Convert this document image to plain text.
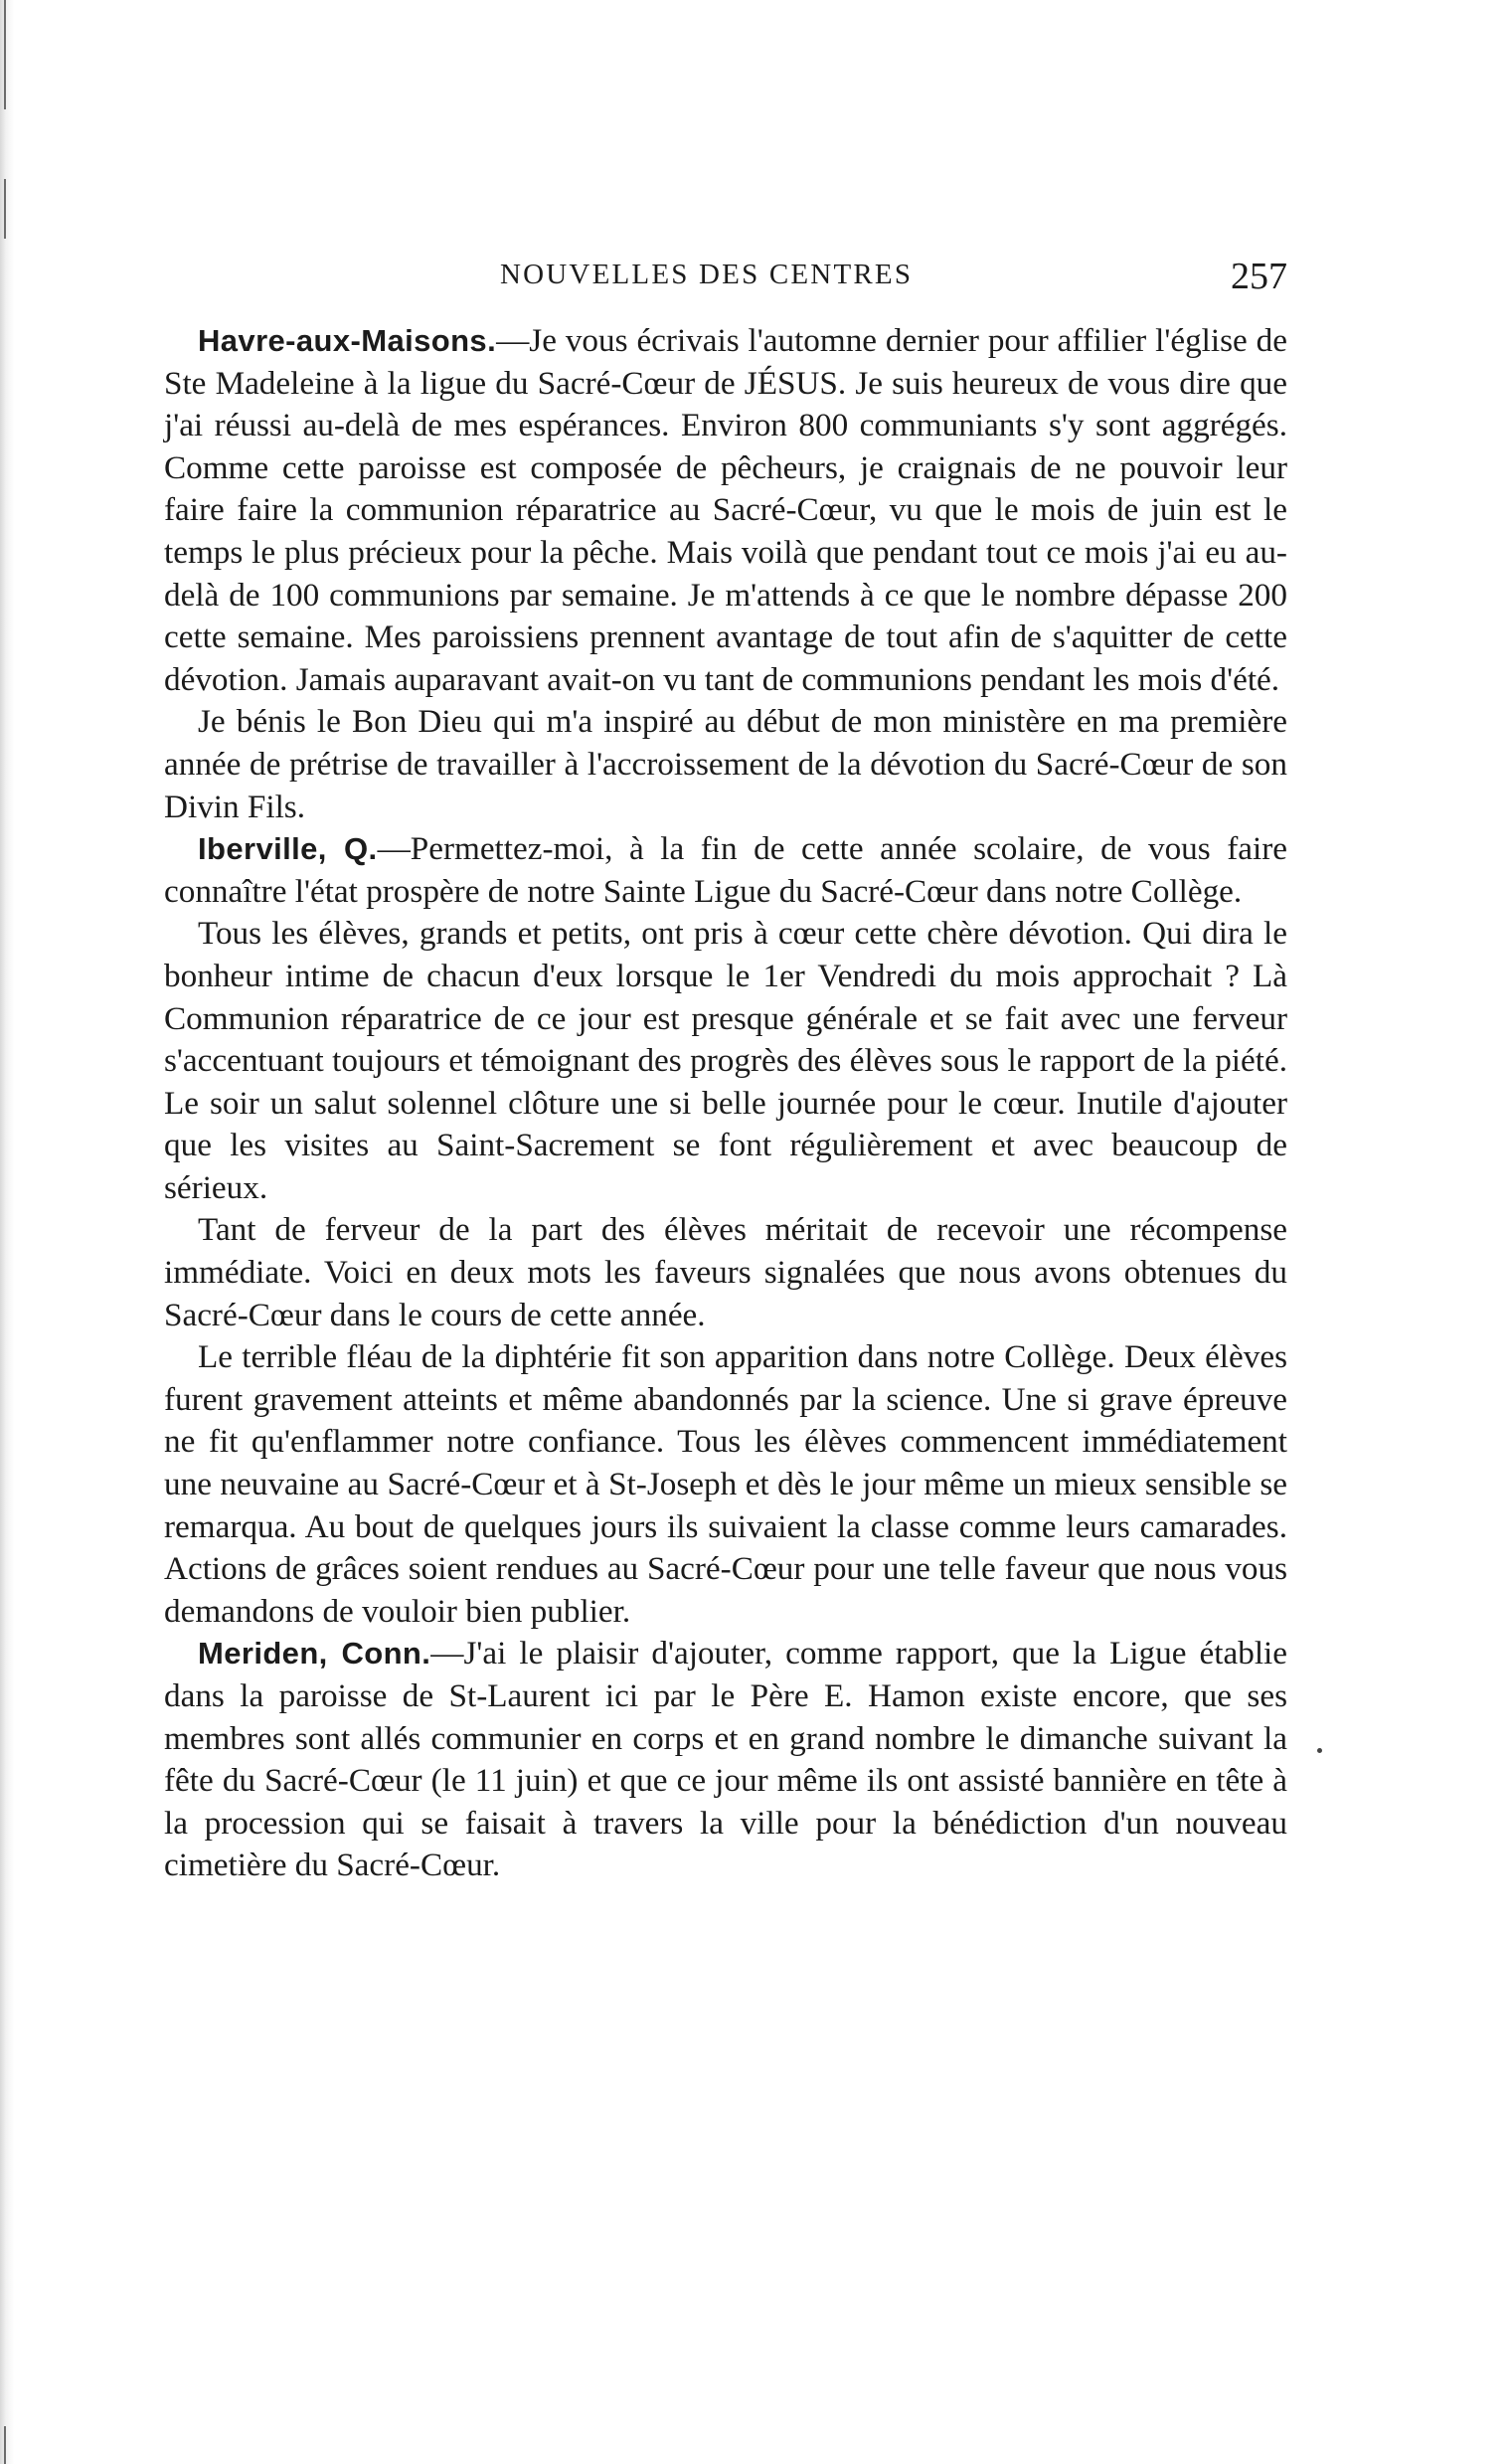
NOUVELLES DES CENTRES	257

Havre-aux-Maisons.—Je vous écrivais l'automne dernier pour affilier l'église de Ste Madeleine à la ligue du Sacré-Cœur de JÉSUS. Je suis heureux de vous dire que j'ai réussi au-delà de mes espérances. Environ 800 communiants s'y sont aggrégés. Comme cette paroisse est composée de pêcheurs, je craignais de ne pouvoir leur faire faire la communion réparatrice au Sacré-Cœur, vu que le mois de juin est le temps le plus précieux pour la pêche. Mais voilà que pendant tout ce mois j'ai eu au-delà de 100 communions par semaine. Je m'attends à ce que le nombre dépasse 200 cette semaine. Mes paroissiens prennent avantage de tout afin de s'aquitter de cette dévotion. Jamais auparavant avait-on vu tant de communions pendant les mois d'été.

Je bénis le Bon Dieu qui m'a inspiré au début de mon ministère en ma première année de prétrise de travailler à l'accroissement de la dévotion du Sacré-Cœur de son Divin Fils.

Iberville, Q.—Permettez-moi, à la fin de cette année scolaire, de vous faire connaître l'état prospère de notre Sainte Ligue du Sacré-Cœur dans notre Collège.

Tous les élèves, grands et petits, ont pris à cœur cette chère dévotion. Qui dira le bonheur intime de chacun d'eux lorsque le 1er Vendredi du mois approchait ? Là Communion réparatrice de ce jour est presque générale et se fait avec une ferveur s'accentuant toujours et témoignant des progrès des élèves sous le rapport de la piété. Le soir un salut solennel clôture une si belle journée pour le cœur. Inutile d'ajouter que les visites au Saint-Sacrement se font régulièrement et avec beaucoup de sérieux.

Tant de ferveur de la part des élèves méritait de recevoir une récompense immédiate. Voici en deux mots les faveurs signalées que nous avons obtenues du Sacré-Cœur dans le cours de cette année.

Le terrible fléau de la diphtérie fit son apparition dans notre Collège. Deux élèves furent gravement atteints et même abandonnés par la science. Une si grave épreuve ne fit qu'enflammer notre confiance. Tous les élèves commencent immédiatement une neuvaine au Sacré-Cœur et à St-Joseph et dès le jour même un mieux sensible se remarqua. Au bout de quelques jours ils suivaient la classe comme leurs camarades. Actions de grâces soient rendues au Sacré-Cœur pour une telle faveur que nous vous demandons de vouloir bien publier.

Meriden, Conn.—J'ai le plaisir d'ajouter, comme rapport, que la Ligue établie dans la paroisse de St-Laurent ici par le Père E. Hamon existe encore, que ses membres sont allés communier en corps et en grand nombre le dimanche suivant la fête du Sacré-Cœur (le 11 juin) et que ce jour même ils ont assisté bannière en tête à la procession qui se faisait à travers la ville pour la bénédiction d'un nouveau cimetière du Sacré-Cœur.
